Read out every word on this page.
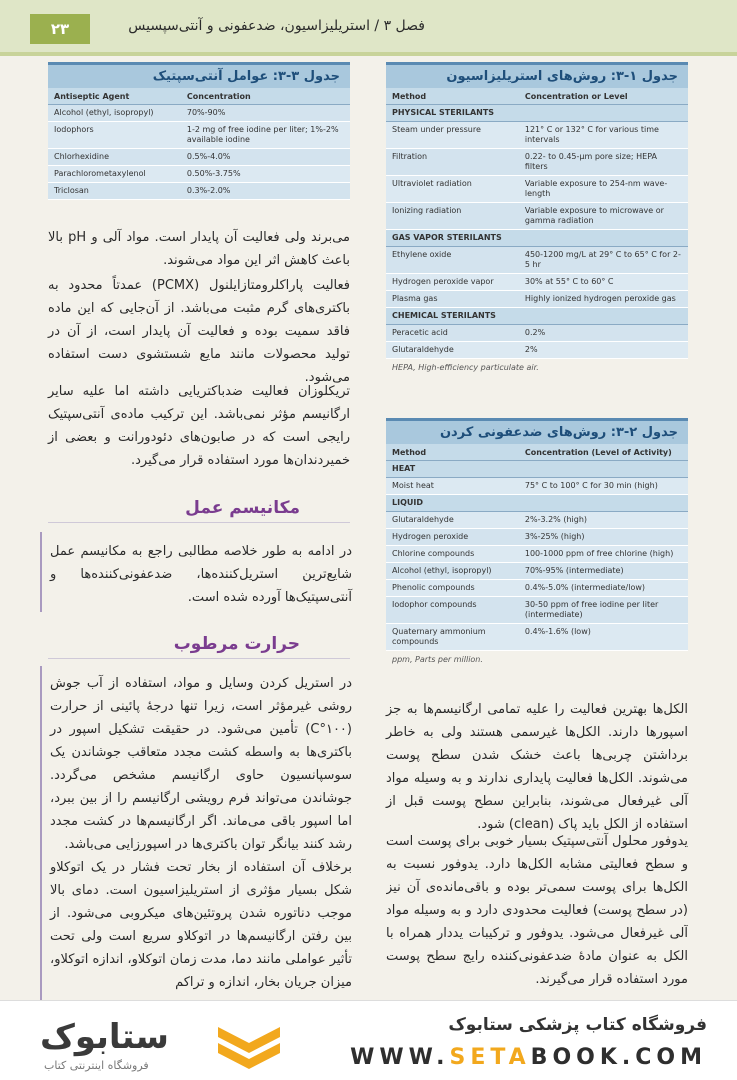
۲۳	فصل ۳ / استریلیزاسیون، ضدعفونی و آنتی‌سپسیس
جدول ۳-۳: عوامل آنتی‌سپتیک
Antiseptic Agent	Concentration
Alcohol (ethyl, isopropyl)	70%-90%
Iodophors	1-2 mg of free iodine per liter; 1%-2% available iodine
Chlorhexidine	0.5%-4.0%
Parachlorometaxylenol	0.50%-3.75%
Triclosan	0.3%-2.0%
جدول ۱-۳: روش‌های استریلیزاسیون
Method	Concentration or Level
PHYSICAL STERILANTS	
Steam under pressure	121° C or 132° C for various time intervals
Filtration	0.22- to 0.45-μm pore size; HEPA filters
Ultraviolet radiation	Variable exposure to 254-nm wave-length
Ionizing radiation	Variable exposure to microwave or gamma radiation
GAS VAPOR STERILANTS	
Ethylene oxide	450-1200 mg/L at 29° C to 65° C for 2-5 hr
Hydrogen peroxide vapor	30% at 55° C to 60° C
Plasma gas	Highly ionized hydrogen peroxide gas
CHEMICAL STERILANTS	
Peracetic acid	0.2%
Glutaraldehyde	2%
HEPA, High-efficiency particulate air.
جدول ۲-۳: روش‌های ضدعفونی کردن
Method	Concentration (Level of Activity)
HEAT	
Moist heat	75° C to 100° C for 30 min (high)
LIQUID	
Glutaraldehyde	2%-3.2% (high)
Hydrogen peroxide	3%-25% (high)
Chlorine compounds	100-1000 ppm of free chlorine (high)
Alcohol (ethyl, isopropyl)	70%-95% (intermediate)
Phenolic compounds	0.4%-5.0% (intermediate/low)
Iodophor compounds	30-50 ppm of free iodine per liter (intermediate)
Quaternary ammonium compounds	0.4%-1.6% (low)
ppm, Parts per million.
می‌برند ولی فعالیت آن پایدار است. مواد آلی و pH بالا باعث کاهش اثر این مواد می‌شوند.
فعالیت پاراکلرومتازایلنول (PCMX) عمدتاً محدود به باکتری‌های گرم مثبت می‌باشد. از آن‌جایی که این ماده فاقد سمیت بوده و فعالیت آن پایدار است، از آن در تولید محصولات مانند مایع شستشوی دست استفاده می‌شود.
تریکلوزان فعالیت ضدباکتریایی داشته اما علیه سایر ارگانیسم مؤثر نمی‌باشد. این ترکیب ماده‌ی آنتی‌سپتیک رایجی است که در صابون‌های دئودورانت و بعضی از خمیردندان‌ها مورد استفاده قرار می‌گیرد.
مکانیسم عمل
در ادامه به طور خلاصه مطالبی راجع به مکانیسم عمل شایع‌ترین استریل‌کننده‌ها، ضدعفونی‌کننده‌ها و آنتی‌سپتیک‌ها آورده شده است.
حرارت مرطوب
در استریل کردن وسایل و مواد، استفاده از آب جوش روشی غیرمؤثر است، زیرا تنها درجهٔ پائینی از حرارت (۱۰۰°C) تأمین می‌شود. در حقیقت تشکیل اسپور در باکتری‌ها به واسطه کشت مجدد متعاقب جوشاندن یک سوسپانسیون حاوی ارگانیسم مشخص می‌گردد. جوشاندن می‌تواند فرم رویشی ارگانیسم را از بین ببرد، اما اسپور باقی می‌ماند. اگر ارگانیسم‌ها در کشت مجدد رشد کنند بیانگر توان باکتری‌ها در اسپورزایی می‌باشد.
برخلاف آن استفاده از بخار تحت فشار در یک اتوکلاو شکل بسیار مؤثری از استریلیزاسیون است. دمای بالا موجب دناتوره شدن پروتئین‌های میکروبی می‌شود. از بین رفتن ارگانیسم‌ها در اتوکلاو سریع است ولی تحت تأثیر عواملی مانند دما، مدت زمان اتوکلاو، اندازه اتوکلاو، میزان جریان بخار، اندازه و تراکم
الکل‌ها بهترین فعالیت را علیه تمامی ارگانیسم‌ها به جز اسپورها دارند. الکل‌ها غیرسمی هستند ولی به خاطر برداشتن چربی‌ها باعث خشک شدن سطح پوست می‌شوند. الکل‌ها فعالیت پایداری ندارند و به وسیله مواد آلی غیرفعال می‌شوند، بنابراین سطح پوست قبل از استفاده از الکل باید پاک (clean) شود.
یدوفور محلول آنتی‌سپتیک بسیار خوبی برای پوست است و سطح فعالیتی مشابه الکل‌ها دارد. یدوفور نسبت به الکل‌ها برای پوست سمی‌تر بوده و باقی‌مانده‌ی آن نیز (در سطح پوست) فعالیت محدودی دارد و به وسیله مواد آلی غیرفعال می‌شود. یدوفور و ترکیبات یددار همراه با الکل به عنوان مادهٔ ضدعفونی‌کننده رایج سطح پوست مورد استفاده قرار می‌گیرند.
ستابوک
فروشگاه اینترنتی کتاب
فروشگاه کتاب پزشکی ستابوک
WWW.SETABOOK.COM
